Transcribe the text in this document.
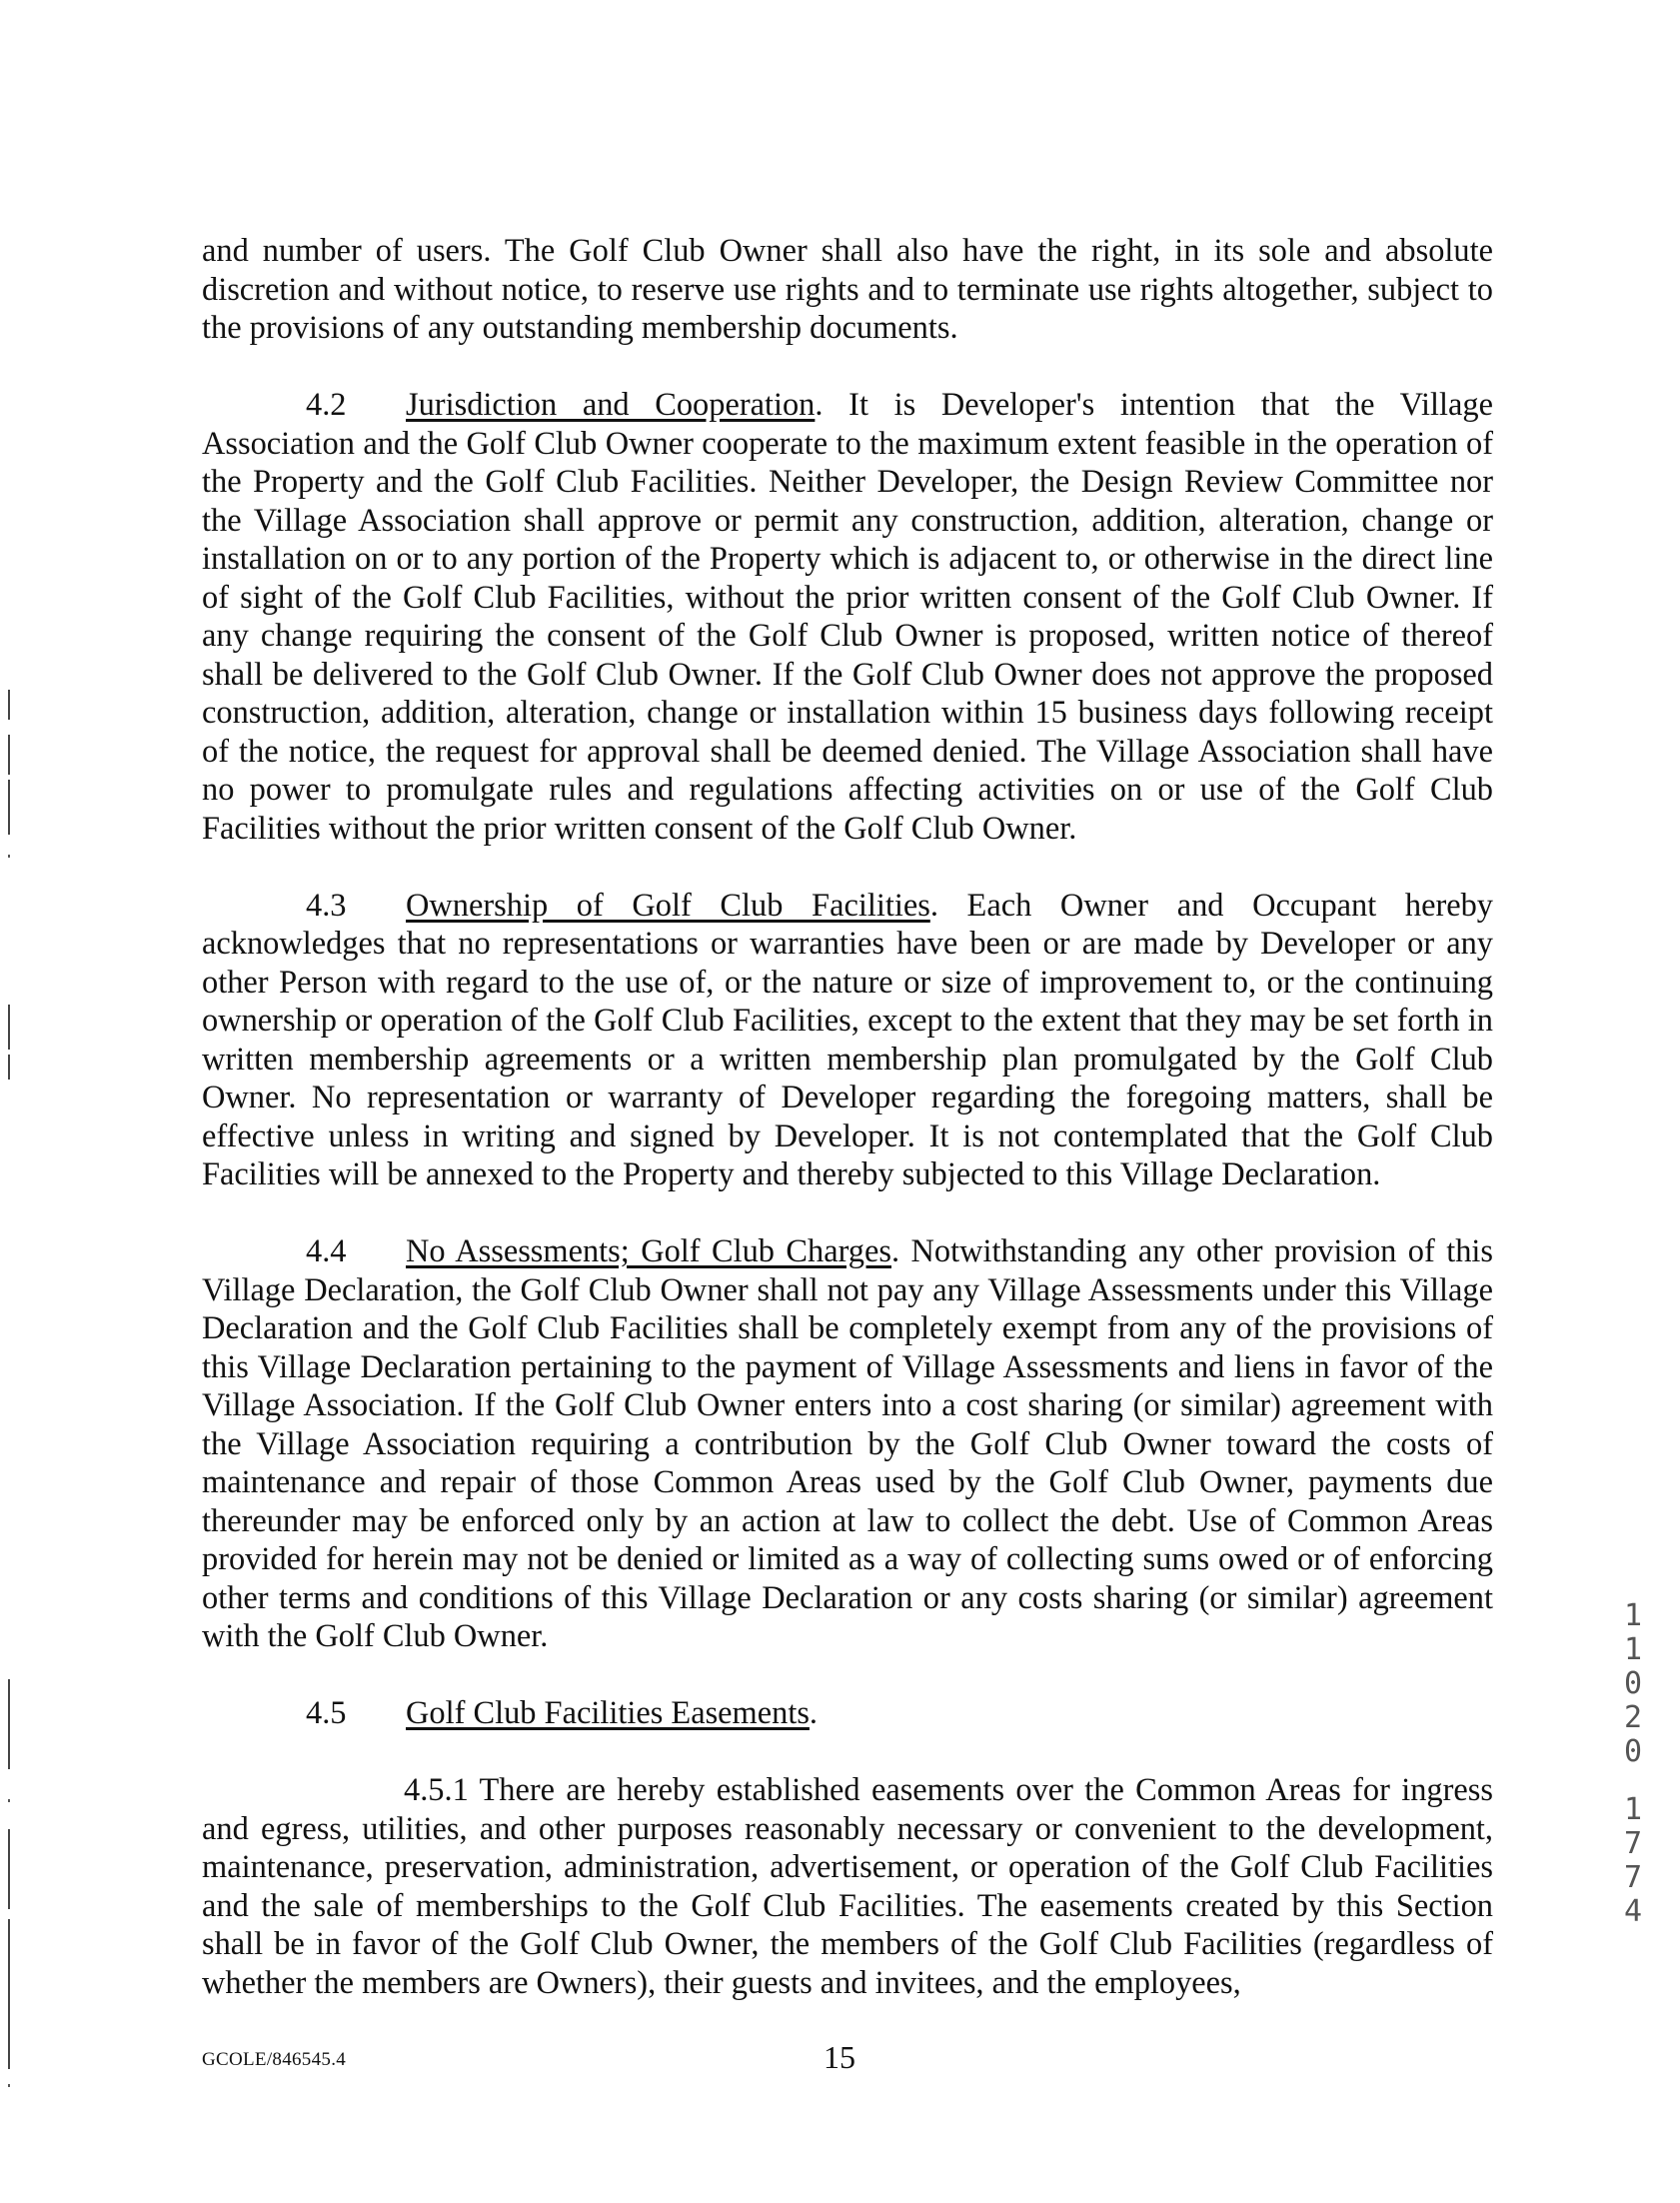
and number of users. The Golf Club Owner shall also have the right, in its sole and absolute discretion and without notice, to reserve use rights and to terminate use rights altogether, subject to the provisions of any outstanding membership documents.

4.2 Jurisdiction and Cooperation. It is Developer's intention that the Village Association and the Golf Club Owner cooperate to the maximum extent feasible in the operation of the Property and the Golf Club Facilities. Neither Developer, the Design Review Committee nor the Village Association shall approve or permit any construction, addition, alteration, change or installation on or to any portion of the Property which is adjacent to, or otherwise in the direct line of sight of the Golf Club Facilities, without the prior written consent of the Golf Club Owner. If any change requiring the consent of the Golf Club Owner is proposed, written notice of thereof shall be delivered to the Golf Club Owner. If the Golf Club Owner does not approve the proposed construction, addition, alteration, change or installation within 15 business days following receipt of the notice, the request for approval shall be deemed denied. The Village Association shall have no power to promulgate rules and regulations affecting activities on or use of the Golf Club Facilities without the prior written consent of the Golf Club Owner.

4.3 Ownership of Golf Club Facilities. Each Owner and Occupant hereby acknowledges that no representations or warranties have been or are made by Developer or any other Person with regard to the use of, or the nature or size of improvement to, or the continuing ownership or operation of the Golf Club Facilities, except to the extent that they may be set forth in written membership agreements or a written membership plan promulgated by the Golf Club Owner. No representation or warranty of Developer regarding the foregoing matters, shall be effective unless in writing and signed by Developer. It is not contemplated that the Golf Club Facilities will be annexed to the Property and thereby subjected to this Village Declaration.

4.4 No Assessments; Golf Club Charges. Notwithstanding any other provision of this Village Declaration, the Golf Club Owner shall not pay any Village Assessments under this Village Declaration and the Golf Club Facilities shall be completely exempt from any of the provisions of this Village Declaration pertaining to the payment of Village Assessments and liens in favor of the Village Association. If the Golf Club Owner enters into a cost sharing (or similar) agreement with the Village Association requiring a contribution by the Golf Club Owner toward the costs of maintenance and repair of those Common Areas used by the Golf Club Owner, payments due thereunder may be enforced only by an action at law to collect the debt. Use of Common Areas provided for herein may not be denied or limited as a way of collecting sums owed or of enforcing other terms and conditions of this Village Declaration or any costs sharing (or similar) agreement with the Golf Club Owner.

4.5 Golf Club Facilities Easements.

4.5.1 There are hereby established easements over the Common Areas for ingress and egress, utilities, and other purposes reasonably necessary or convenient to the development, maintenance, preservation, administration, advertisement, or operation of the Golf Club Facilities and the sale of memberships to the Golf Club Facilities. The easements created by this Section shall be in favor of the Golf Club Owner, the members of the Golf Club Facilities (regardless of whether the members are Owners), their guests and invitees, and the employees,

1
1
0
2
0
1
7
7
4
GCOLE/846545.4	15
